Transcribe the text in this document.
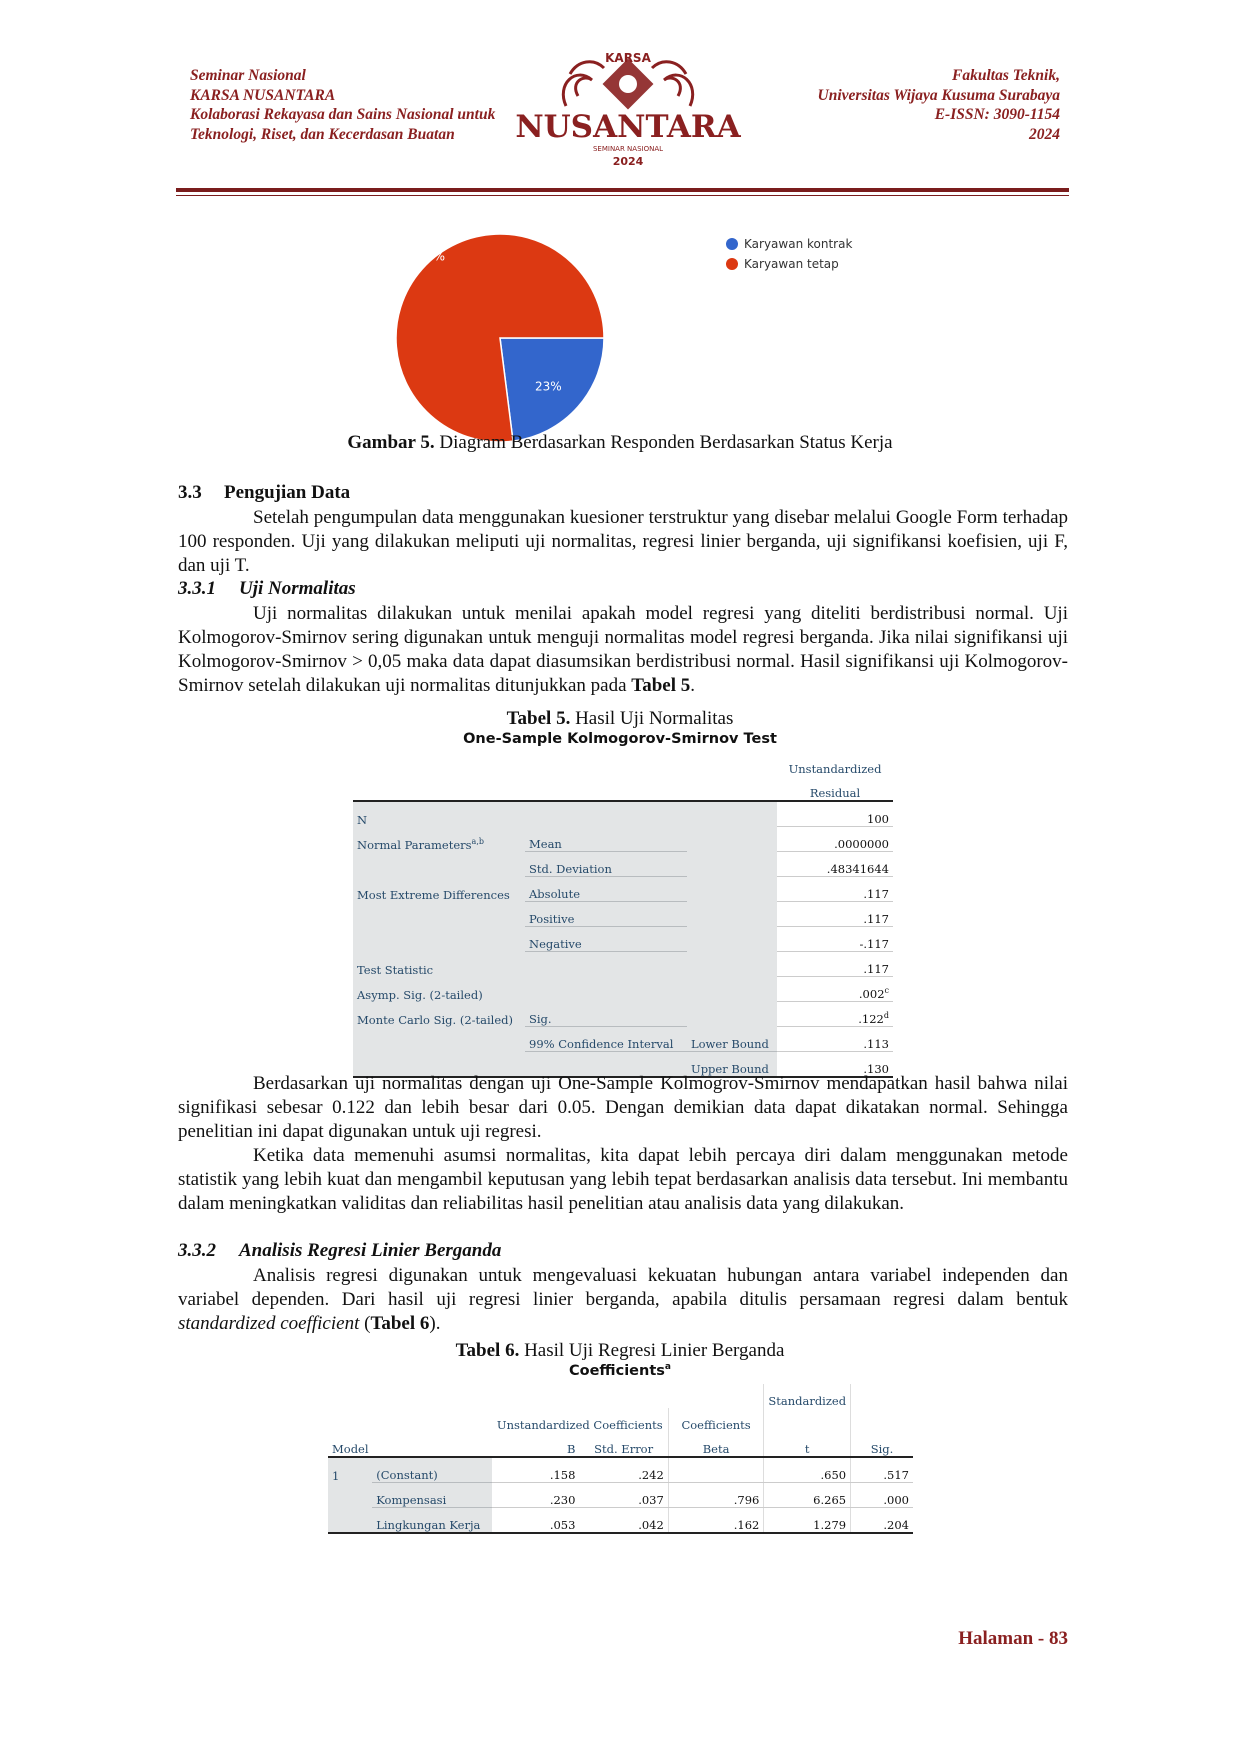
Seminar Nasional
KARSA NUSANTARA
Kolaborasi Rekayasa dan Sains Nasional untuk
Teknologi, Riset, dan Kecerdasan Buatan
Fakultas Teknik,
Universitas Wijaya Kusuma Surabaya
E-ISSN: 3090-1154
2024
KARSA
NUSANTARA
SEMINAR NASIONAL
2024
23%
77%
Karyawan kontrak
Karyawan tetap
Gambar 5. Diagram Berdasarkan Responden Berdasarkan Status Kerja
3.3 Pengujian Data

Setelah pengumpulan data menggunakan kuesioner terstruktur yang disebar melalui Google Form terhadap 100 responden. Uji yang dilakukan meliputi uji normalitas, regresi linier berganda, uji signifikansi koefisien, uji F, dan uji T.

3.3.1 Uji Normalitas

Uji normalitas dilakukan untuk menilai apakah model regresi yang diteliti berdistribusi normal. Uji Kolmogorov-Smirnov sering digunakan untuk menguji normalitas model regresi berganda. Jika nilai signifikansi uji Kolmogorov-Smirnov > 0,05 maka data dapat diasumsikan berdistribusi normal. Hasil signifikansi uji Kolmogorov-Smirnov setelah dilakukan uji normalitas ditunjukkan pada Tabel 5.

Tabel 5. Hasil Uji Normalitas
One-Sample Kolmogorov-Smirnov Test
			Unstandardized
			Residual
N			100
Normal Parameters$^{a,b}$	Mean		.0000000
	Std. Deviation		.48341644
Most Extreme Differences	Absolute		.117
	Positive		.117
	Negative		-.117
Test Statistic			.117
Asymp. Sig. (2-tailed)			.002$^c$
Monte Carlo Sig. (2-tailed)	Sig.		.122$^d$
	99% Confidence Interval	Lower Bound	.113
		Upper Bound	.130

Berdasarkan uji normalitas dengan uji One-Sample Kolmogrov-Smirnov mendapatkan hasil bahwa nilai signifikasi sebesar 0.122 dan lebih besar dari 0.05. Dengan demikian data dapat dikatakan normal. Sehingga penelitian ini dapat digunakan untuk uji regresi.

Ketika data memenuhi asumsi normalitas, kita dapat lebih percaya diri dalam menggunakan metode statistik yang lebih kuat dan mengambil keputusan yang lebih tepat berdasarkan analisis data tersebut. Ini membantu dalam meningkatkan validitas dan reliabilitas hasil penelitian atau analisis data yang dilakukan.

3.3.2 Analisis Regresi Linier Berganda

Analisis regresi digunakan untuk mengevaluasi kekuatan hubungan antara variabel independen dan variabel dependen. Dari hasil uji regresi linier berganda, apabila ditulis persamaan regresi dalam bentuk standardized coefficient (Tabel 6).

Tabel 6. Hasil Uji Regresi Linier Berganda
Coefficients$^a$
					Standardized	
		Unstandardized Coefficients		Coefficients		
Model		B	Std. Error	Beta	t	Sig.
1	(Constant)	.158	.242		.650	.517
	Kompensasi	.230	.037	.796	6.265	.000
	Lingkungan Kerja	.053	.042	.162	1.279	.204
Halaman - 83
